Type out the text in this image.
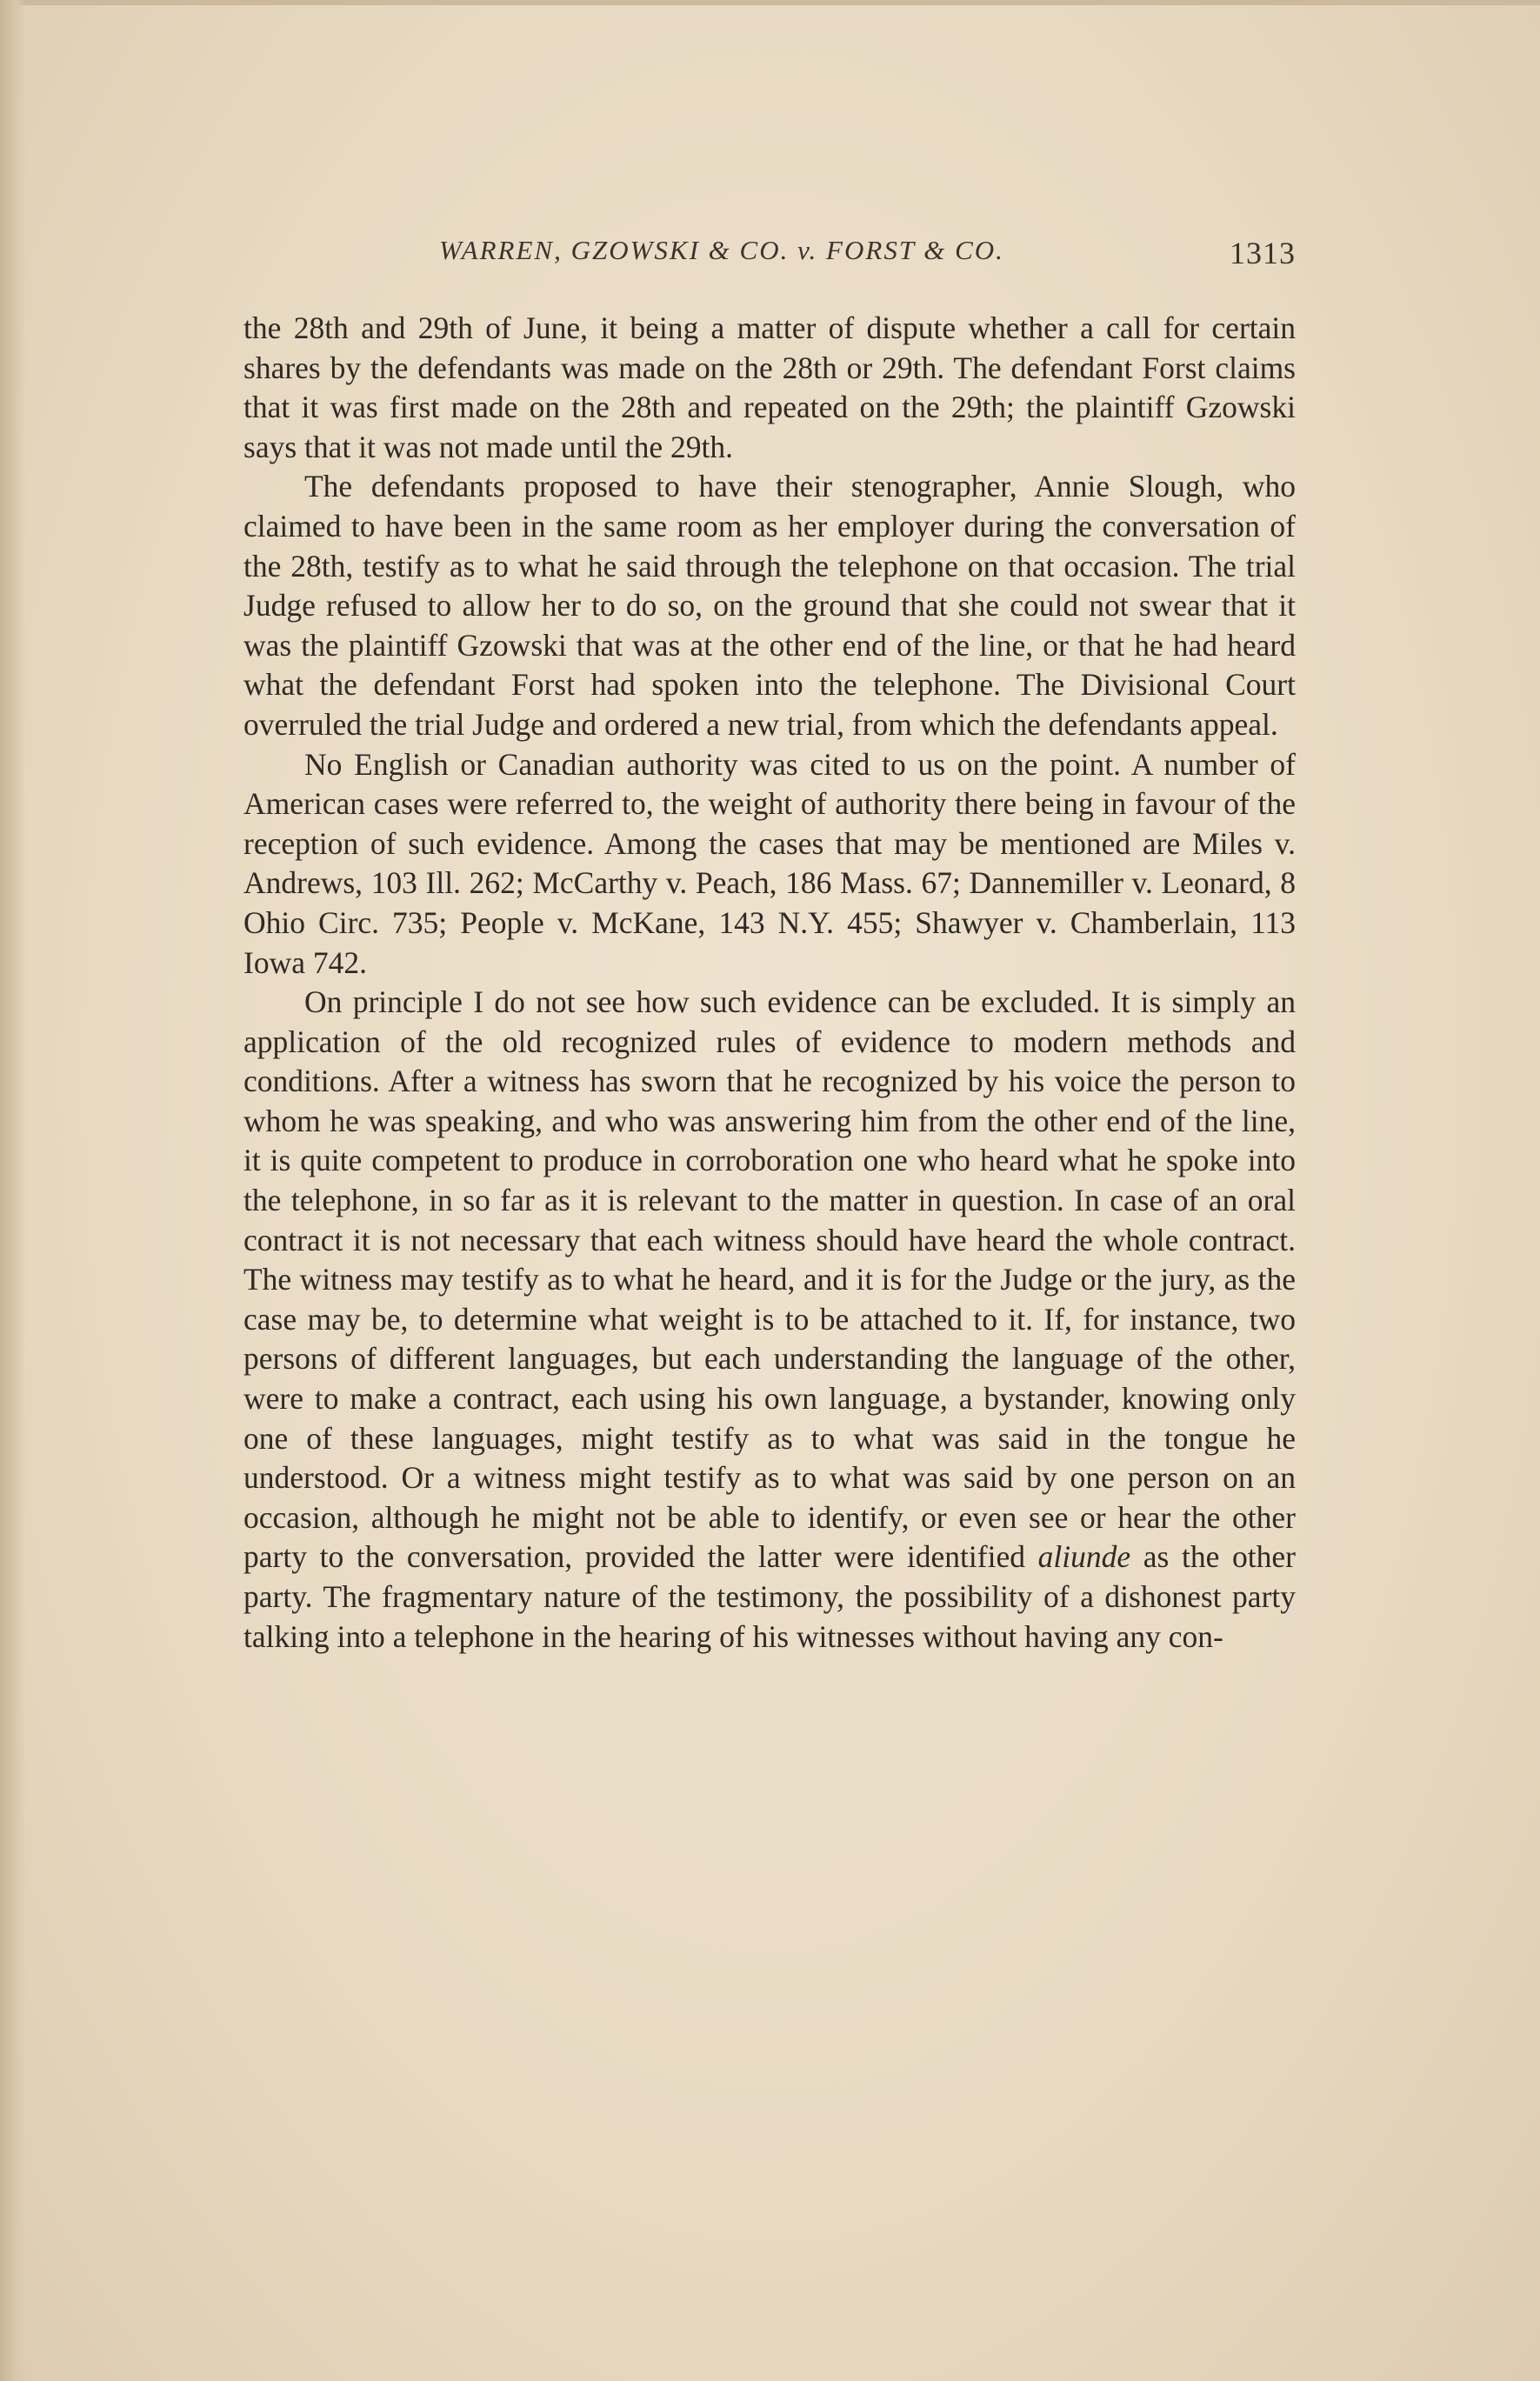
WARREN, GZOWSKI & CO. v. FORST & CO.	1313

the 28th and 29th of June, it being a matter of dispute whether a call for certain shares by the defendants was made on the 28th or 29th. The defendant Forst claims that it was first made on the 28th and repeated on the 29th; the plaintiff Gzowski says that it was not made until the 29th.

The defendants proposed to have their stenographer, Annie Slough, who claimed to have been in the same room as her employer during the conversation of the 28th, testify as to what he said through the telephone on that occasion. The trial Judge refused to allow her to do so, on the ground that she could not swear that it was the plaintiff Gzowski that was at the other end of the line, or that he had heard what the defendant Forst had spoken into the telephone. The Divisional Court overruled the trial Judge and ordered a new trial, from which the defendants appeal.

No English or Canadian authority was cited to us on the point. A number of American cases were referred to, the weight of authority there being in favour of the reception of such evidence. Among the cases that may be mentioned are Miles v. Andrews, 103 Ill. 262; McCarthy v. Peach, 186 Mass. 67; Dannemiller v. Leonard, 8 Ohio Circ. 735; People v. McKane, 143 N.Y. 455; Shawyer v. Chamberlain, 113 Iowa 742.

On principle I do not see how such evidence can be excluded. It is simply an application of the old recognized rules of evidence to modern methods and conditions. After a witness has sworn that he recognized by his voice the person to whom he was speaking, and who was answering him from the other end of the line, it is quite competent to produce in corroboration one who heard what he spoke into the telephone, in so far as it is relevant to the matter in question. In case of an oral contract it is not necessary that each witness should have heard the whole contract. The witness may testify as to what he heard, and it is for the Judge or the jury, as the case may be, to determine what weight is to be attached to it. If, for instance, two persons of different languages, but each understanding the language of the other, were to make a contract, each using his own language, a bystander, knowing only one of these languages, might testify as to what was said in the tongue he understood. Or a witness might testify as to what was said by one person on an occasion, although he might not be able to identify, or even see or hear the other party to the conversation, provided the latter were identified aliunde as the other party. The fragmentary nature of the testimony, the possibility of a dishonest party talking into a telephone in the hearing of his witnesses without having any con-
